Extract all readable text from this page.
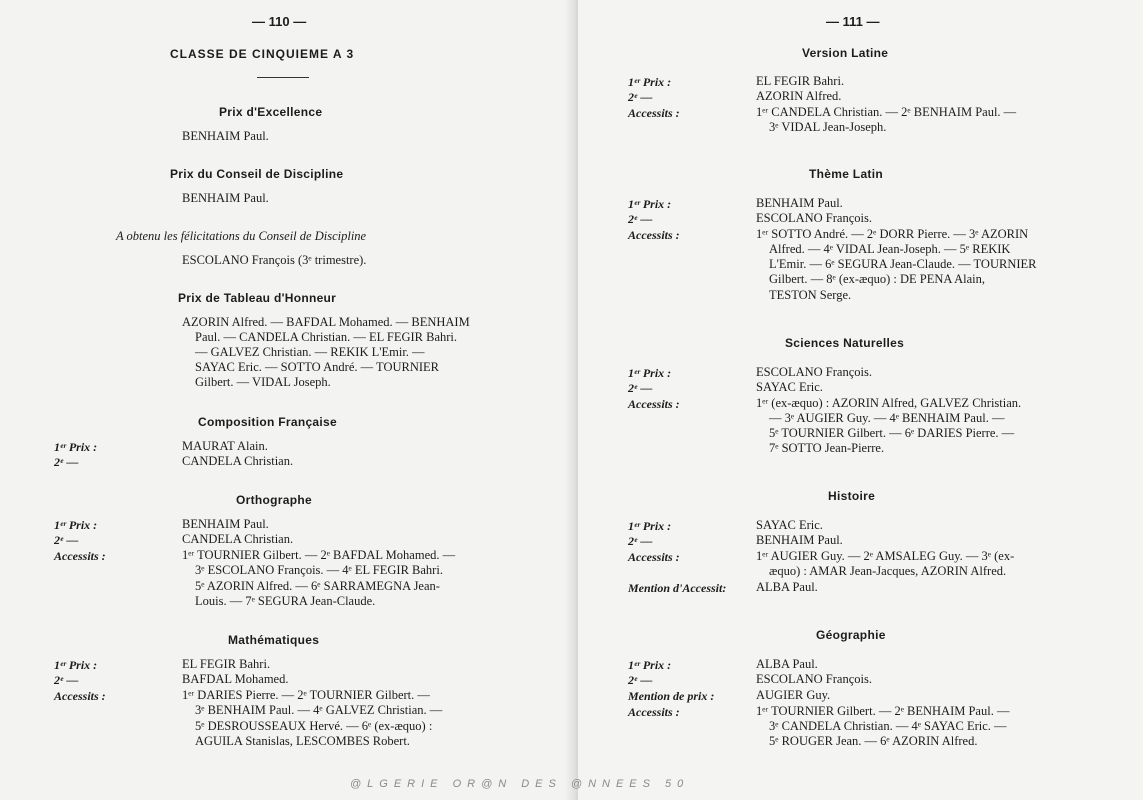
— 110 —
CLASSE DE CINQUIEME A 3
Prix d'Excellence
BENHAIM Paul.
Prix du Conseil de Discipline
BENHAIM Paul.
A obtenu les félicitations du Conseil de Discipline
ESCOLANO François (3ᵉ trimestre).
Prix de Tableau d'Honneur
AZORIN Alfred. — BAFDAL Mohamed. — BENHAIM
Paul. — CANDELA Christian. — EL FEGIR Bahri.
— GALVEZ Christian. — REKIK L'Emir. —
SAYAC Eric. — SOTTO André. — TOURNIER
Gilbert. — VIDAL Joseph.
Composition Française
1ᵉʳ Prix :	MAURAT Alain.
2ᵉ —	CANDELA Christian.
Orthographe
1ᵉʳ Prix :	BENHAIM Paul.
2ᵉ —	CANDELA Christian.
Accessits :	1ᵉʳ TOURNIER Gilbert. — 2ᵉ BAFDAL Mohamed. —
3ᵉ ESCOLANO François. — 4ᵉ EL FEGIR Bahri.
5ᵉ AZORIN Alfred. — 6ᵉ SARRAMEGNA Jean-
Louis. — 7ᵉ SEGURA Jean-Claude.
Mathématiques
1ᵉʳ Prix :	EL FEGIR Bahri.
2ᵉ —	BAFDAL Mohamed.
Accessits :	1ᵉʳ DARIES Pierre. — 2ᵉ TOURNIER Gilbert. —
3ᵉ BENHAIM Paul. — 4ᵉ GALVEZ Christian. —
5ᵉ DESROUSSEAUX Hervé. — 6ᵉ (ex-æquo) :
AGUILA Stanislas, LESCOMBES Robert.
— 111 —
Version Latine
1ᵉʳ Prix :	EL FEGIR Bahri.
2ᵉ —	AZORIN Alfred.
Accessits :	1ᵉʳ CANDELA Christian. — 2ᵉ BENHAIM Paul. —
3ᵉ VIDAL Jean-Joseph.
Thème Latin
1ᵉʳ Prix :	BENHAIM Paul.
2ᵉ —	ESCOLANO François.
Accessits :	1ᵉʳ SOTTO André. — 2ᵉ DORR Pierre. — 3ᵉ AZORIN
Alfred. — 4ᵉ VIDAL Jean-Joseph. — 5ᵉ REKIK
L'Emir. — 6ᵉ SEGURA Jean-Claude. — TOURNIER
Gilbert. — 8ᵉ (ex-æquo) : DE PENA Alain,
TESTON Serge.
Sciences Naturelles
1ᵉʳ Prix :	ESCOLANO François.
2ᵉ —	SAYAC Eric.
Accessits :	1ᵉʳ (ex-æquo) : AZORIN Alfred, GALVEZ Christian.
— 3ᵉ AUGIER Guy. — 4ᵉ BENHAIM Paul. —
5ᵉ TOURNIER Gilbert. — 6ᵉ DARIES Pierre. —
7ᵉ SOTTO Jean-Pierre.
Histoire
1ᵉʳ Prix :	SAYAC Eric.
2ᵉ —	BENHAIM Paul.
Accessits :	1ᵉʳ AUGIER Guy. — 2ᵉ AMSALEG Guy. — 3ᵉ (ex-
æquo) : AMAR Jean-Jacques, AZORIN Alfred.
Mention d'Accessit: ALBA Paul.
Géographie
1ᵉʳ Prix :	ALBA Paul.
2ᵉ —	ESCOLANO François.
Mention de prix :	AUGIER Guy.
Accessits :	1ᵉʳ TOURNIER Gilbert. — 2ᵉ BENHAIM Paul. —
3ᵉ CANDELA Christian. — 4ᵉ SAYAC Eric. —
5ᵉ ROUGER Jean. — 6ᵉ AZORIN Alfred.
@LGERIE OR@N DES @NNEES 50
